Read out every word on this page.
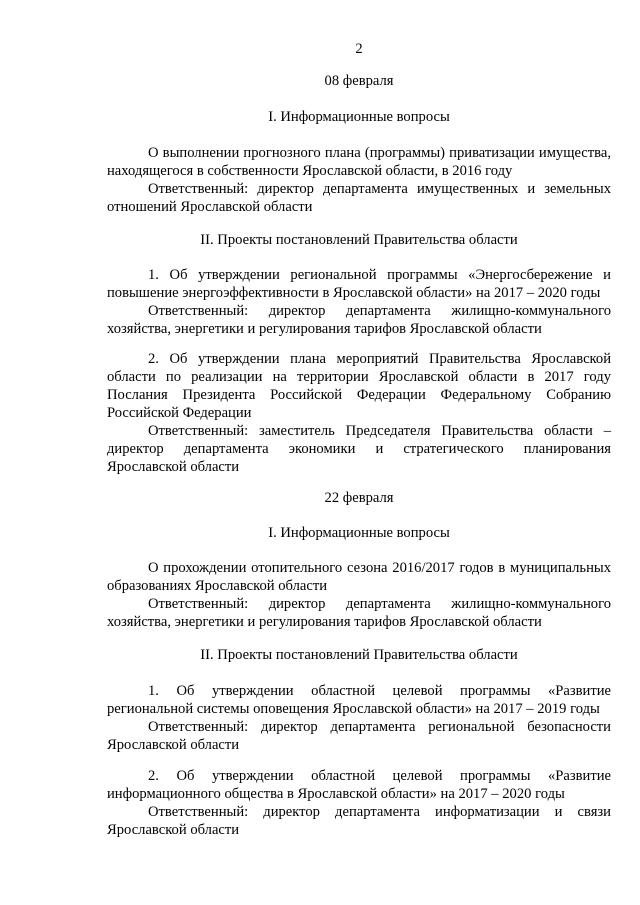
2
08 февраля
I. Информационные вопросы

О выполнении прогнозного плана (программы) приватизации имущества, находящегося в собственности Ярославской области, в 2016 году

Ответственный: директор департамента имущественных и земельных отношений Ярославской области

II. Проекты постановлений Правительства области

1. Об утверждении региональной программы «Энергосбережение и повышение энергоэффективности в Ярославской области» на 2017 – 2020 годы

Ответственный: директор департамента жилищно-коммунального хозяйства, энергетики и регулирования тарифов Ярославской области

2. Об утверждении плана мероприятий Правительства Ярославской области по реализации на территории Ярославской области в 2017 году Послания Президента Российской Федерации Федеральному Собранию Российской Федерации

Ответственный: заместитель Председателя Правительства области – директор департамента экономики и стратегического планирования Ярославской области

22 февраля
I. Информационные вопросы

О прохождении отопительного сезона 2016/2017 годов в муниципальных образованиях Ярославской области

Ответственный: директор департамента жилищно-коммунального хозяйства, энергетики и регулирования тарифов Ярославской области

II. Проекты постановлений Правительства области

1. Об утверждении областной целевой программы «Развитие региональной системы оповещения Ярославской области» на 2017 – 2019 годы

Ответственный: директор департамента региональной безопасности Ярославской области

2. Об утверждении областной целевой программы «Развитие информационного общества в Ярославской области» на 2017 – 2020 годы

Ответственный: директор департамента информатизации и связи Ярославской области
